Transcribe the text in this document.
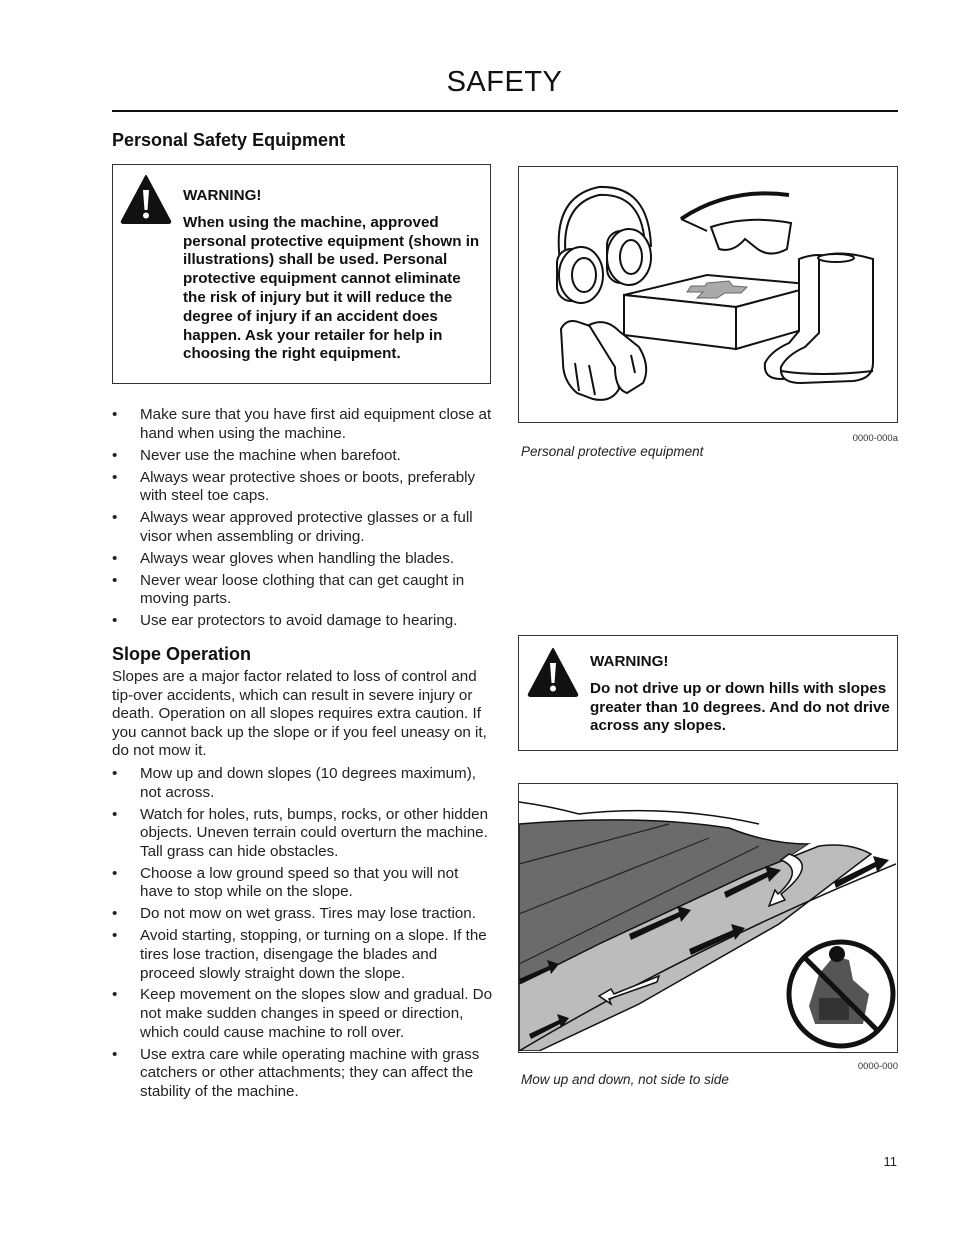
SAFETY
Personal Safety Equipment
WARNING!
When using the machine, approved personal protective equipment (shown in illustrations) shall be used. Personal protective equipment cannot eliminate the risk of injury but it will reduce the degree of injury if an accident does happen. Ask your retailer for help in choosing the right equipment.
• Make sure that you have first aid equipment close at hand when using the machine.
• Never use the machine when barefoot.
• Always wear protective shoes or boots, preferably with steel toe caps.
• Always wear approved protective glasses or a full visor when assembling or driving.
• Always wear gloves when handling the blades.
• Never wear loose clothing that can get caught in moving parts.
• Use ear protectors to avoid damage to hearing.
0000-000a
Personal protective equipment
Slope Operation
Slopes are a major factor related to loss of control and tip-over accidents, which can result in severe injury or death. Operation on all slopes requires extra caution. If you cannot back up the slope or if you feel uneasy on it, do not mow it.
• Mow up and down slopes (10 degrees maximum), not across.
• Watch for holes, ruts, bumps, rocks, or other hidden objects. Uneven terrain could overturn the machine. Tall grass can hide obstacles.
• Choose a low ground speed so that you will not have to stop while on the slope.
• Do not mow on wet grass. Tires may lose traction.
• Avoid starting, stopping, or turning on a slope. If the tires lose traction, disengage the blades and proceed slowly straight down the slope.
• Keep movement on the slopes slow and gradual. Do not make sudden changes in speed or direction, which could cause machine to roll over.
• Use extra care while operating machine with grass catchers or other attachments; they can affect the stability of the machine.
WARNING!
Do not drive up or down hills with slopes greater than 10 degrees. And do not drive across any slopes.
0000-000
Mow up and down, not side to side
11
